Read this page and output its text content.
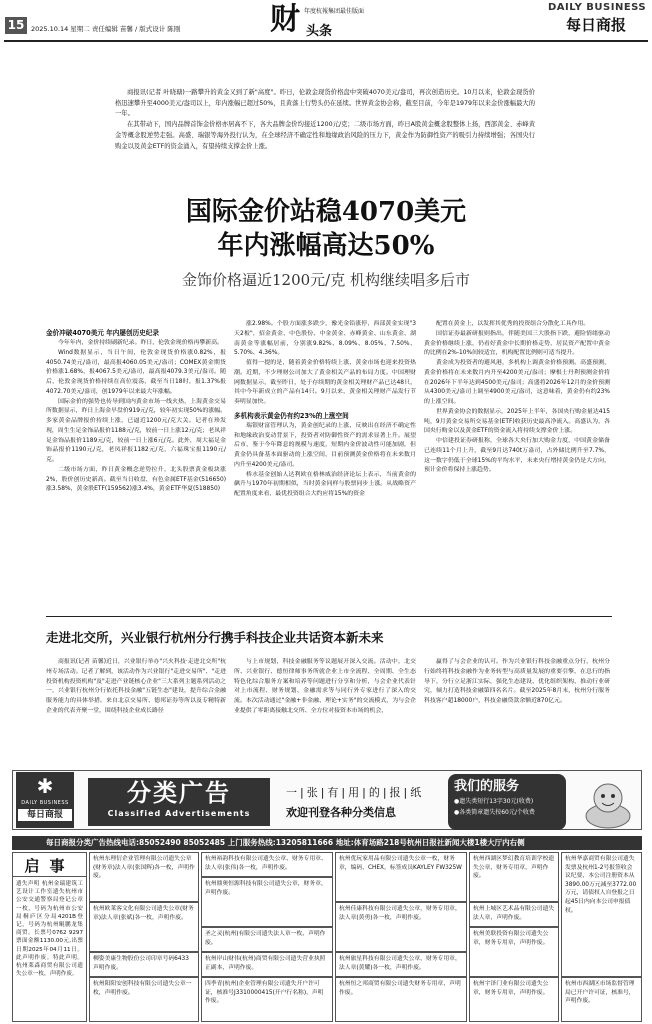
15	2025.10.14 星期二 责任编辑 苗馨 / 版式设计 陈刚	财 年度杭報集团最佳版面
头条
DAILY BUSINESS
每日商报

商报讯(记者 叶晓瑭)一路攀升的黄金又到了新"高度"。昨日，伦敦金现货价格盘中突破4070美元/盎司，再次创造历史。10月以来，伦敦金现货价格迅速攀升至4000美元/盎司以上，年内涨幅已超过50%，且黄落上行势头仍在延续。世界黄金协会称，截至目前，今年是1979年以来金价涨幅最大的一年。

在其带动下，国内品牌首饰金价格亦居高不下，各大品牌金价均接近1200元/克；二级市场方面，昨日A股黄金概念股整体上扬，西部黄金、赤峰黄金等概念股逆势走强。高盛、瑞银等海外投行认为，在全球经济不确定性和地缘政治风险的压力下，黄金作为防御性资产的吸引力持续增强；各国央行购金以及黄金ETF的资金涌入，有望持续支撑金价上涨。

国际金价站稳4070美元
年内涨幅高达50%
金饰价格逼近1200元/克 机构继续唱多后市

金价冲破4070美元 年内屡创历史纪录

今年年内，金价持续刷新纪录。昨日，伦敦金现价格再攀新高。

Wind数据显示，当日午间，伦敦金现货价格涨0.82%，报4050.74美元/盎司，最高报4060.05美元/盎司；COMEX黄金期货价格涨1.68%，报4067.5美元/盎司，最高报4079.3美元/盎司。随后，伦敦金现货价格持续在高位震荡，截至当日18时，报1.37%报4072.70美元/盎司，创1979年以来最大年涨幅。

国际金价的强势也传导到国内黄金市场一线火热，上海黄金交易所数据显示，昨日上海金早盘价919元/克，较年初实现50%的涨幅。多家黄金品牌报价持续上涨，已逼近1200元/克大关。记者在珍发现，周生生足金饰品报价1188元/克，较前一日上涨12元/克；老凤祥足金饰品报价1189元/克，较前一日上涨6元/克。此外，周大福足金饰品报价1190元/克，老凤祥报1182元/克，六福珠宝报1190元/克。

二级市场方面，昨日黄金概念逆势拉升，北头股票黄金板块涨2%，股价创历史新高。截至当日收盘，有色金属ETF基金(516650)涨3.58%，黄金股ETF(159562)涨3.4%，黄金ETF华夏(518850)

涨2.98%。个股方面涨多跌少，豫光金铅涨停，西部黄金实现"3天2板"，招金黄金、中色股份、中金黄金、赤峰黄金、山东黄金、湖南黄金等涨幅居前，分别涨9.82%、8.09%、8.05%、7.50%、5.70%、4.36%。

值得一提的是，随着黄金价格特续上涨，黄金市场也迎来投资热潮。近期，不少理财公司加大了黄金相关产品的布局力度。中国理财网数据显示，截至昨日，处于存续期的黄金相关理财产品已达48只，其中今年新成立的产品有14只。9月以来，黄金相关理财产品发行节奏明显加快。

多机构表示黄金仍有约23%的上涨空间

瑞银财富管理认为，黄金创纪录的上涨，反映出在经济不确定性和地缘政治变动背景下，投资者对防御性资产的需求显著上升。展望后市，鉴于今年降息的规模与速度，短期内金价波动性可能加剧，但黄金仍具备基本面驱动的上涨空间，目前预测黄金价格将在未来数月内升至4200美元/盎司。

桥水基金创始人达利欧在格林威治经济论坛上表示，当前黄金的飙升与1970年初期相似，当时黄金同样与股票同步上涨。从战略资产配置角度来看，最优投资组合大约应将15%的资金

配置在黄金上，以发挥其优秀的投资组合分散化工具作用。

国信证券最新研报则指出，伴随美国三大股指下跌，避险情绪驱动黄金价格继续上涨，仍看好黄金中长期价格走势，居民资产配置中黄金的比例在2%-10%间较适宜，机构配置比例则可适当提升。

黄金成为投资者的避风港，多机构上调黄金价格预测。高盛预测，黄金价格将在未来数月内升至4200美元/盎司；摩根士丹利预测金价将在2026年下半年达到4500美元/盎司；高盛将2026年12月的金价预测从4300美元/盎司上调至4900美元/盎司，这意味着，黄金仍有约23%的上涨空间。

世界黄金协会的数据显示，2025年上半年，各国央行购金量达415吨，9月黄金交易所交易基金(ETF)收获历史最高净流入。高盛认为，各国央行购金以及黄金ETF的资金流入将持续支撑金价上涨。

中信建投证券研报称，全球各大央行加大购金力度，中国黄金储备已连续11个月上升，截至9月达740t万盎司，占外储比例升至7.7%，这一数字仍低于全球15%的平均水平，未来央行增持黄金仍是大方向，预计金价将保持上涨趋势。

走进北交所，兴业银行杭州分行携手科技企业共话资本新未来

商报讯(记者 苗馨)近日，兴业银行举办"兴火科技·走进北交所"杭州专场活动。记者了解到，该活动作为兴业银行"走进交易所"、"走进投资机构投资机构"及"走进产业链核心企业"三大系列主题系列活动之一，兴业银行杭州分行依托科技金融"五链生态"建设，提升综合金融服务能力的具体举措。来自北京交易所、德邦证券等所以及专精特新企业的代表齐聚一堂，围绕科技企业成长路径

与上市规划，科技金融服务等议题展开深入交流。活动中，北交所、兴业银行、德恒律师事务所就企业上市全流程、全周期、全生态特色化综合服务方案和培养等问题进行分享和分析，与会企业代表针对上市流程、财务规划、金融需求等与同行外专家进行了深入的交流。本次活动通过"金融+非金融、理论+实务"的交流模式，为与会企业提供了零距离接触北交所、全方位对接资本市场的机会，

赢得了与会企业的认可。作为兴业银行科技金融重点分行，杭州分行始终将科技金融作为业务转型与高质量发展的重要引擎，在总行的指导下，分行立足浙江实际，强化生态建设、优化组织架构、推动行业研究，倾力打造科技金融第四名名片。截至2025年8月末，杭州分行服务科技客户超18000户，科技金融贷款余额近870亿元。

✱
DAILY BUSINESS
每日商报
分类广告
Classified Advertisements
一|张|有|用|的|报|纸
欢迎刊登各种分类信息
我们的服务
●遗失类短行13字30元(收费)
●各类简章遗失按60元/个收费
每日商报分类广告热线电话:85052490 85052485 上门服务热线:13205811666 地址:体育场路218号杭州日报社新闻大楼1楼大厅内右侧
启事
遗失声明 杭州金瑞建筑工艺设计工作室遗失杭州市公安交通警察局登记公章一枚，号码为杭州市公安局桐庐区分局4201B登记，号码为杭州鲲鹏龙集商贸。长票号0762 9297 票面金额1130.00元,出票日期2025年04月11日。此声明作废。特此声明。 杭州莱森商贸有限公司遗失公章一枚，声明作废。
杭州东理衍企业管理有限公司遗失公章(财务章)法人章(张国辉)各一枚，声明作废。
杭州欧莱客文化有限公司遗失公章(财务章)法人章(张斌)各一枚，声明作废。
柳姿美康生物股份公司印章号码6433 声明作废。
杭州阳阳安创科技有限公司遗失公章一枚，声明作废。
杭州裕韵科技有限公司遗失公章、财务专用章、法人章(张伟)各一枚，声明作废。
杭州鼎奥恒源科技有限公司遗失公章，财务章，声明作废。
圣之灵(杭州)有限公司遗失法人章一枚，声明作废。
杭州岸山财伟(杭州)商贸有限公司遗失营业执照正副本，声明作废。
四季青(杭州)企业管理有限公司遗失开户许可证，核准号J3310000415(开户行名称)，声明作废。
杭州优玩家用品有限公司遗失公章一枚，财务章，编码，CHEX，标签成员KAYLEY FW325W
杭州佳康科技有限公司遗失公章，财务专用章，法人章(黄勇)各一枚，声明作废。
杭州旅星科技有限公司遗失公章，财务专用章，法人章(黄耀)各一枚，声明作废。
杭州恒之邦商贸有限公司遗失财务专用章，声明作废。
杭州西湖区梦幻教育培训学校遗失公章，财务专用章，声明作废。
杭州上城区艺术品有限公司遗失法人章，声明作废。
杭州美联投资有限公司遗失公章，财务专用章，声明作废。
杭州宇泽门业有限公司遗失公章，财务专用章，声明作废。
杭州华嘉商贸有限公司遗失发票及杭州1-2号报签收会议纪要，本公司注册资本从3890.00万元减至3772.00万元，请债权人自登报之日起45日内向本公司申报债权。
杭州市西湖区市场监督管理局已开户许可证，核准号，声明作废。
